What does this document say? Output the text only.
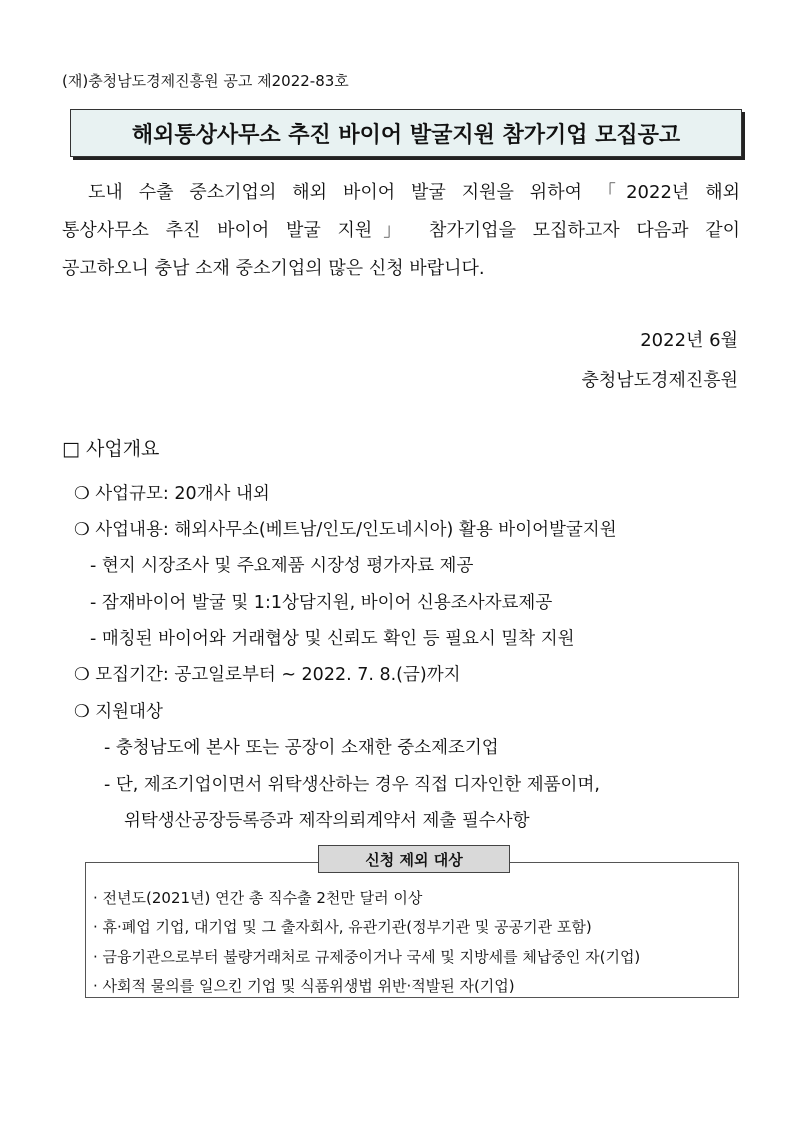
(재)충청남도경제진흥원 공고 제2022-83호
해외통상사무소 추진 바이어 발굴지원 참가기업 모집공고
도내 수출 중소기업의 해외 바이어 발굴 지원을 위하여 「2022년 해외
통상사무소 추진 바이어 발굴 지원」 참가기업을 모집하고자 다음과 같이
공고하오니 충남 소재 중소기업의 많은 신청 바랍니다.
2022년 6월
충청남도경제진흥원
□ 사업개요
❍ 사업규모: 20개사 내외
❍ 사업내용: 해외사무소(베트남/인도/인도네시아) 활용 바이어발굴지원
- 현지 시장조사 및 주요제품 시장성 평가자료 제공
- 잠재바이어 발굴 및 1:1상담지원, 바이어 신용조사자료제공
- 매칭된 바이어와 거래협상 및 신뢰도 확인 등 필요시 밀착 지원
❍ 모집기간: 공고일로부터 ~ 2022. 7. 8.(금)까지
❍ 지원대상
- 충청남도에 본사 또는 공장이 소재한 중소제조기업
- 단, 제조기업이면서 위탁생산하는 경우 직접 디자인한 제품이며,
위탁생산공장등록증과 제작의뢰계약서 제출 필수사항
신청 제외 대상
· 전년도(2021년) 연간 총 직수출 2천만 달러 이상
· 휴·폐업 기업, 대기업 및 그 출자회사, 유관기관(정부기관 및 공공기관 포함)
· 금융기관으로부터 불량거래처로 규제중이거나 국세 및 지방세를 체납중인 자(기업)
· 사회적 물의를 일으킨 기업 및 식품위생법 위반·적발된 자(기업)
